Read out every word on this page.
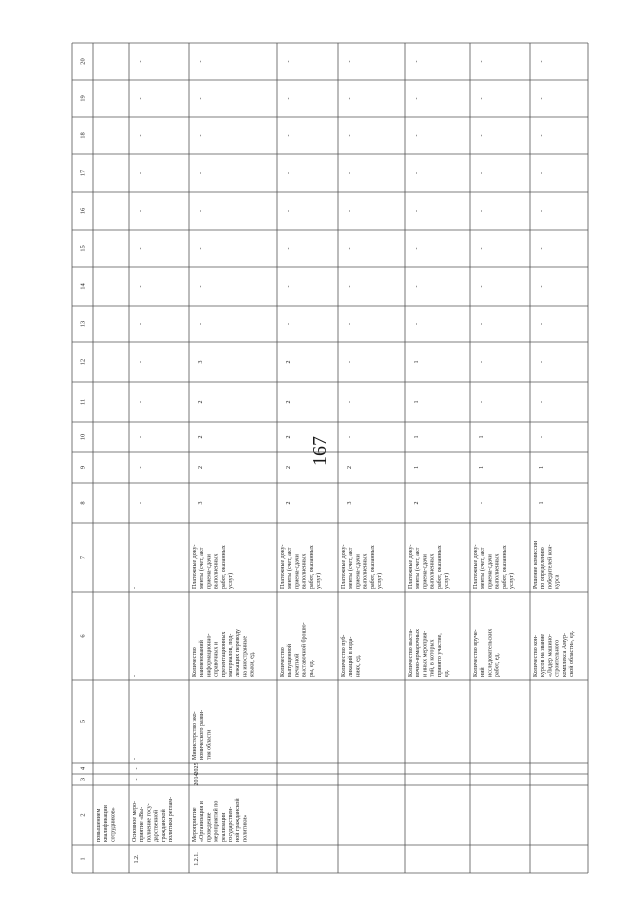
167
1
2
3
4
5
6
7
8
9
10
11
12
13
14
15
16
17
18
19
20
повышениемквалификациисотрудников»
1.2.
Основное меро-приятие «Вы-полнение госу-дарственнойгражданскойполитики реглам-
-
-
-
-
-
-
-
-
-
-
-
-
-
-
-
-
-
-
1.2.1.
Мероприятие«Организация ипроведениемероприятий пореализациигосударствен-ной гражданскойполитики»
2014
2025
Министерство эко-номического разви-тия области
Количествонаименованийинформационно-справочных ипрезентационныхматериалов, под-лежащих переводуна иностранныеязыки, ед.
Платежные доку-менты (счет, актприема-сдачивыполненныхработ, оказанныхуслуг)
3
2
2
2
3
-
-
-
-
-
-
-
-
Количествовыпущеннойпечатнойвыставочной брошю-ры, ед.
Платежные доку-менты (счет, актприема-сдачивыполненныхработ, оказанныхуслуг)
2
2
2
2
2
-
-
-
-
-
-
-
-
Количество пуб-ликаций в изда-ниях, ед.
Платежные доку-менты (счет, актприема-сдачивыполненныхработ, оказанныхуслуг)
3
2
-
-
-
-
-
-
-
-
-
-
-
Количество выста-вочно-ярмарочныхи иных мероприя-тий, в которыхпринято участие,ед.
Платежные доку-менты (счет, актприема-сдачивыполненныхработ, оказанныхуслуг)
2
1
1
1
1
-
-
-
-
-
-
-
-
Количество вруче-нийисследовательскихработ, ед.
Платежные доку-менты (счет, актприема-сдачивыполненныхработ, оказанныхуслуг)
-
1
1
-
-
-
-
-
-
-
-
-
-
Количество кон-курсов на звание«Лидер машино-строительногокомплекса Амур-ской области», ед.
Решение комиссиипо определениюпобедителей кон-курса
1
1
-
-
-
-
-
-
-
-
-
-
-
